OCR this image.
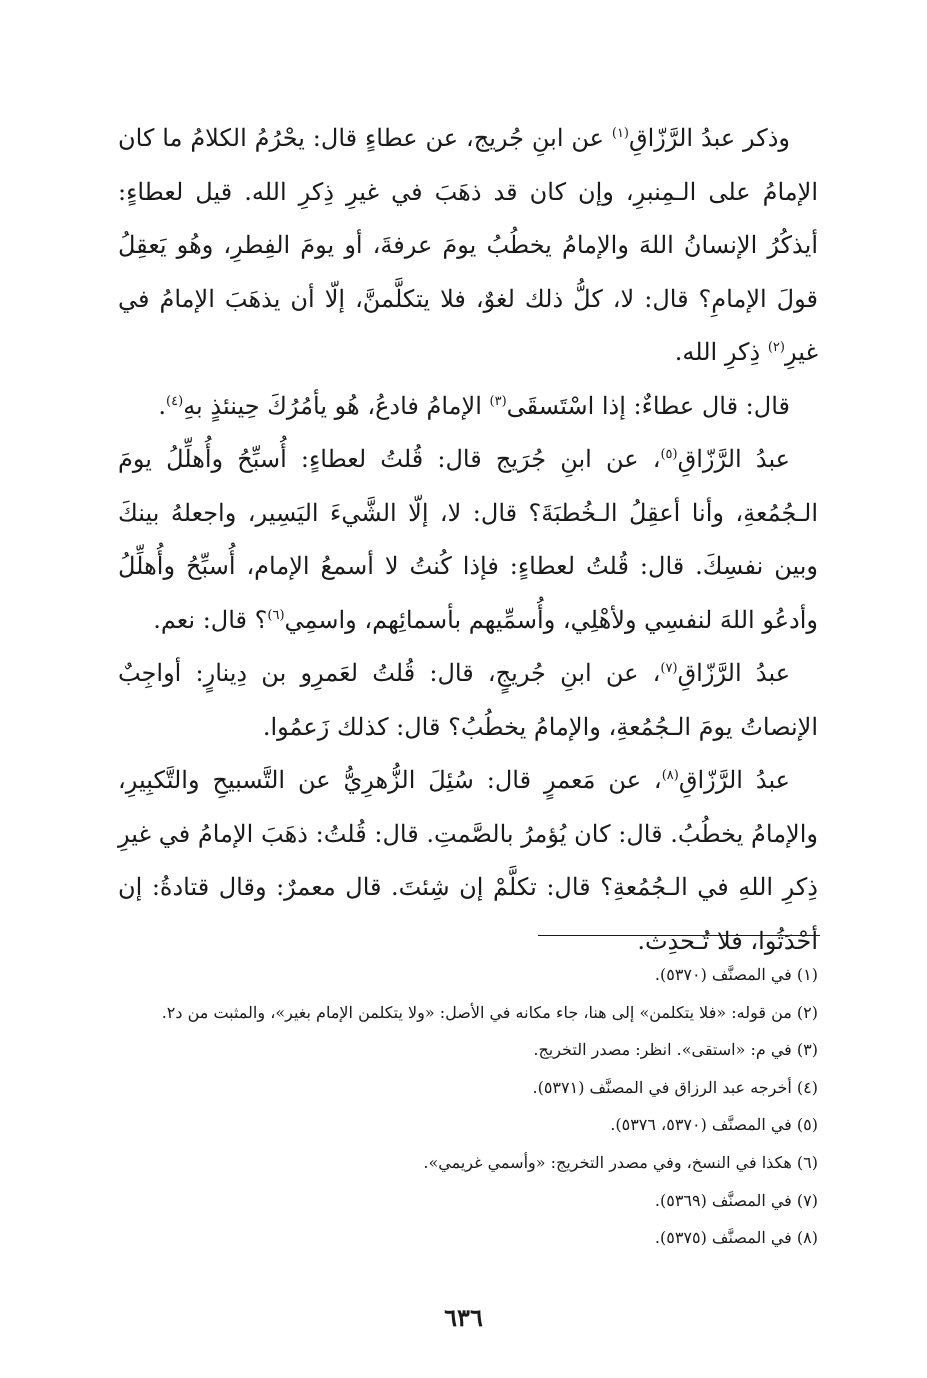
وذكر عبدُ الرَّزّاقِ$^{(١)}$ عن ابنِ جُريج، عن عطاءٍ قال: يحْرُمُ الكلامُ ما كان الإمامُ على الـمِنبرِ، وإن كان قد ذهَبَ في غيرِ ذِكرِ الله. قيل لعطاءٍ: أيذكُرُ الإنسانُ اللهَ والإمامُ يخطُبُ يومَ عرفةَ، أو يومَ الفِطرِ، وهُو يَعقِلُ قولَ الإمامِ؟ قال: لا، كلُّ ذلك لغوٌ، فلا يتكلَّمنَّ، إلّا أن يذهَبَ الإمامُ في غيرِ$^{(٢)}$ ذِكرِ الله.

قال: قال عطاءٌ: إذا اسْتَسقَى$^{(٣)}$ الإمامُ فادعُ، هُو يأمُرُكَ حِينئذٍ بهِ$^{(٤)}$.

عبدُ الرَّزّاقِ$^{(٥)}$، عن ابنِ جُرَيج قال: قُلتُ لعطاءٍ: أُسبِّحُ وأُهلِّلُ يومَ الـجُمُعةِ، وأنا أعقِلُ الـخُطبَةَ؟ قال: لا، إلّا الشَّيءَ اليَسِير، واجعلهُ بينكَ وبين نفسِكَ. قال: قُلتُ لعطاءٍ: فإذا كُنتُ لا أسمعُ الإمام، أُسبِّحُ وأُهلِّلُ وأدعُو اللهَ لنفسِي ولأهْلِي، وأُسمِّيهم بأسمائِهم، واسمِي$^{(٦)}$؟ قال: نعم.

عبدُ الرَّزّاقِ$^{(٧)}$، عن ابنِ جُريجٍ، قال: قُلتُ لعَمرِو بن دِينارٍ: أواجِبٌ الإنصاتُ يومَ الـجُمُعةِ، والإمامُ يخطُبُ؟ قال: كذلك زَعمُوا.

عبدُ الرَّزّاقِ$^{(٨)}$، عن مَعمرٍ قال: سُئِلَ الزُّهرِيُّ عن التَّسبيحِ والتَّكبِيرِ، والإمامُ يخطُبُ. قال: كان يُؤمرُ بالصَّمتِ. قال: قُلتُ: ذهَبَ الإمامُ في غيرِ ذِكرِ اللهِ في الـجُمُعةِ؟ قال: تكلَّمْ إن شِئتَ. قال معمرٌ: وقال قتادةُ: إن أحْدَثُوا، فلا تُـحدِث.

(١) في المصنَّف (٥٣٧٠).

(٢) من قوله: «فلا يتكلمن» إلى هنا، جاء مكانه في الأصل: «ولا يتكلمن الإمام بغير»، والمثبت من د٢.

(٣) في م: «استقى». انظر: مصدر التخريج.

(٤) أخرجه عبد الرزاق في المصنَّف (٥٣٧١).

(٥) في المصنَّف (٥٣٧٠، ٥٣٧٦).

(٦) هكذا في النسخ، وفي مصدر التخريج: «وأسمي غريمي».

(٧) في المصنَّف (٥٣٦٩).

(٨) في المصنَّف (٥٣٧٥).

٦٣٦
